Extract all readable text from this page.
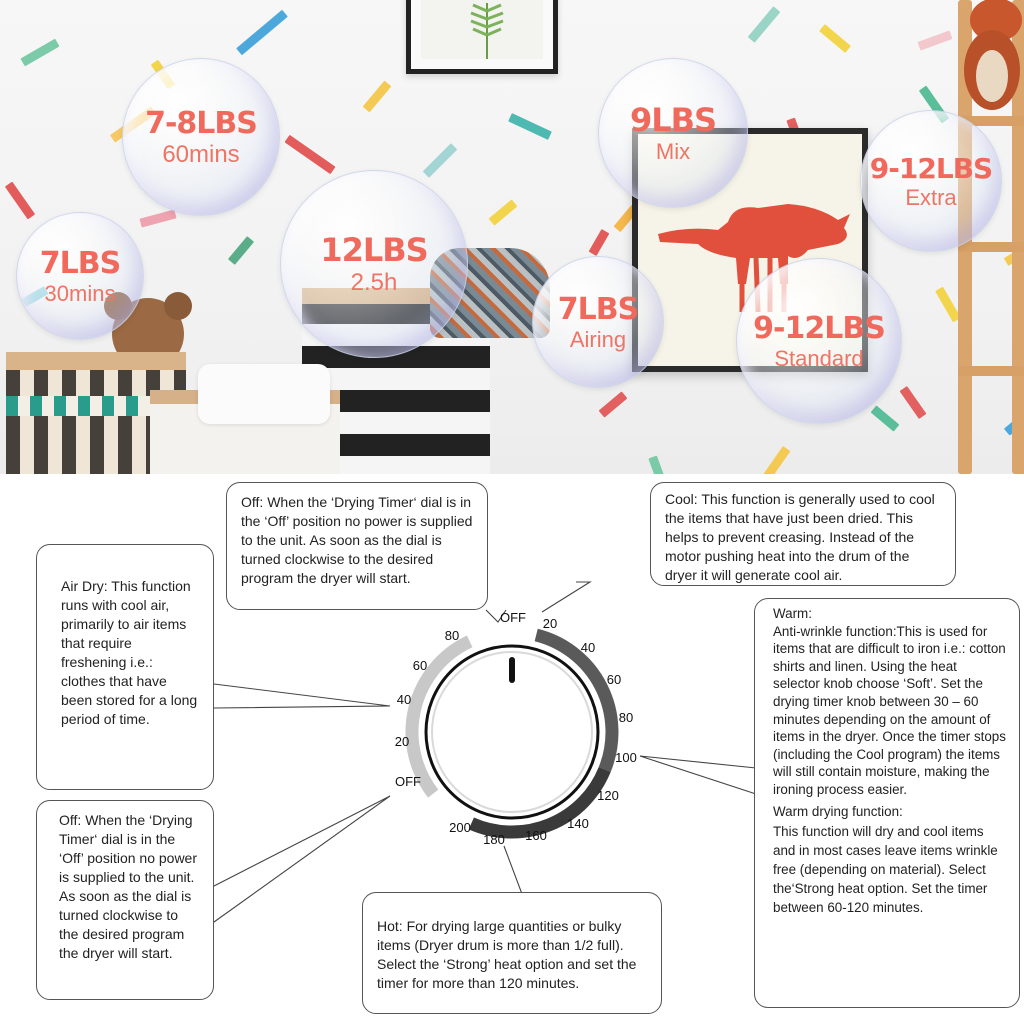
7-8LBS
60mins
7LBS
30mins
12LBS
2.5h
9LBS
Mix
7LBS
Airing
9-12LBS
Extra
9-12LBS
Standard
OFF 20
40
60
80
100
120
140
160
180
200
OFF
20
40
60
80
Off: When the ‘Drying Timer‘ dial is in the ‘Off’ position no power is supplied to the unit. As soon as the dial is turned clockwise to the desired program the dryer will start.
Cool: This function is generally used to cool the items that have just been dried. This helps to prevent creasing. Instead of the motor pushing heat into the drum of the dryer it will generate cool air.
Air Dry: This function runs with cool air, primarily to air items that require freshening i.e.: clothes that have been stored for a long period of time.
Off: When the ‘Drying Timer‘ dial is in the ‘Off’ position no power is supplied to the unit. As soon as the dial is turned clockwise to the desired program the dryer will start.
Hot: For drying large quantities or bulky items (Dryer drum is more than 1/2 full). Select the ‘Strong’ heat option and set the timer for more than 120 minutes.
Warm:
Anti-wrinkle function:This is used for items that are difficult to iron i.e.: cotton shirts and linen. Using the heat selector knob choose ‘Soft’. Set the drying timer knob between 30 – 60 minutes depending on the amount of items in the dryer. Once the timer stops (including the Cool program) the items will still contain moisture, making the ironing process easier.
Warm drying function:
This function will dry and cool items and in most cases leave items wrinkle free (depending on material). Select the‘Strong heat option. Set the timer between 60-120 minutes.
